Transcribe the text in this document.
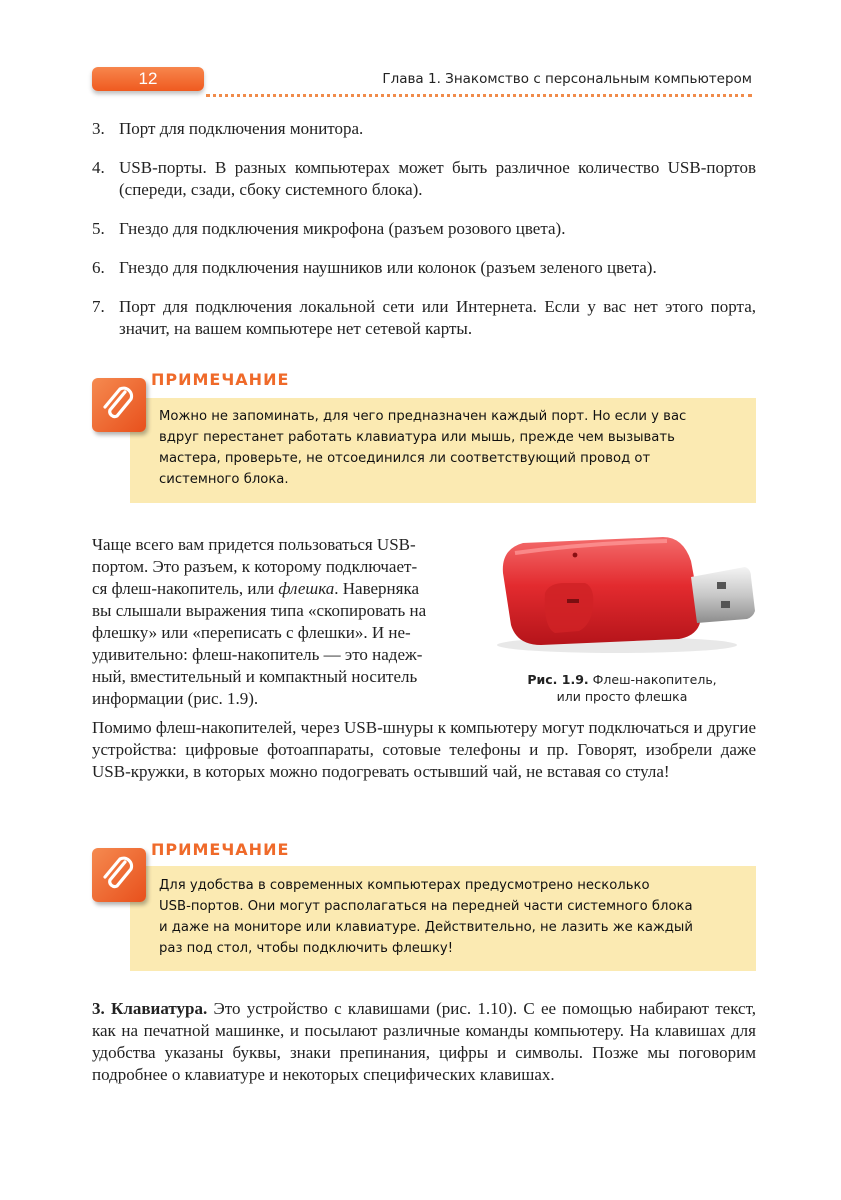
12	Глава 1. Знакомство с персональным компьютером
3. Порт для подключения монитора.
4. USB-порты. В разных компьютерах может быть различное количество USB-портов (спереди, сзади, сбоку системного блока).
5. Гнездо для подключения микрофона (разъем розового цвета).
6. Гнездо для подключения наушников или колонок (разъем зеленого цвета).
7. Порт для подключения локальной сети или Интернета. Если у вас нет этого порта, значит, на вашем компьютере нет сетевой карты.
ПРИМЕЧАНИЕ
Можно не запоминать, для чего предназначен каждый порт. Но если у вас
вдруг перестанет работать клавиатура или мышь, прежде чем вызывать
мастера, проверьте, не отсоединился ли соответствующий провод от
системного блока.
Чаще всего вам придется пользоваться USB-
портом. Это разъем, к которому подключает-
ся флеш-накопитель, или флешка. Наверняка
вы слышали выражения типа «скопировать на
флешку» или «переписать с флешки». И не-
удивительно: флеш-накопитель — это надеж-
ный, вместительный и компактный носитель
информации (рис. 1.9).
Рис. 1.9. Флеш-накопитель,
или просто флешка

Помимо флеш-накопителей, через USB-шнуры к компьютеру могут подключаться и другие устройства: цифровые фотоаппараты, сотовые телефоны и пр. Говорят, изобрели даже USB-кружки, в которых можно подогревать остывший чай, не вставая со стула!

ПРИМЕЧАНИЕ
Для удобства в современных компьютерах предусмотрено несколько
USB-портов. Они могут располагаться на передней части системного блока
и даже на мониторе или клавиатуре. Действительно, не лазить же каждый
раз под стол, чтобы подключить флешку!

3. Клавиатура. Это устройство с клавишами (рис. 1.10). С ее помощью набирают текст, как на печатной машинке, и посылают различные команды компьютеру. На клавишах для удобства указаны буквы, знаки препинания, цифры и символы. Позже мы поговорим подробнее о клавиатуре и некоторых специфических клавишах.
